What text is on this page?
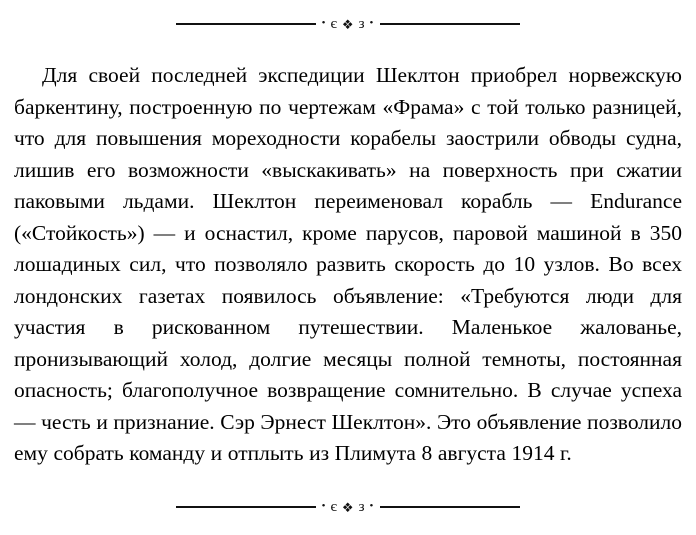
• є ❖ з •

Для своей последней экспедиции Шеклтон приобрел норвежскую баркентину, построенную по чертежам «Фрама» с той только разницей, что для повышения мореходности корабелы заострили обводы судна, лишив его возможности «выскакивать» на поверхность при сжатии паковыми льдами. Шеклтон переименовал корабль — Endurance («Стойкость») — и оснастил, кроме парусов, паровой машиной в 350 лошадиных сил, что позволяло развить скорость до 10 узлов. Во всех лондонских газетах появилось объявление: «Требуются люди для участия в рискованном путешествии. Маленькое жалованье, пронизывающий холод, долгие месяцы полной темноты, постоянная опасность; благополучное возвращение сомнительно. В случае успеха — честь и признание. Сэр Эрнест Шеклтон». Это объявление позволило ему собрать команду и отплыть из Плимута 8 августа 1914 г.

• є ❖ з •
